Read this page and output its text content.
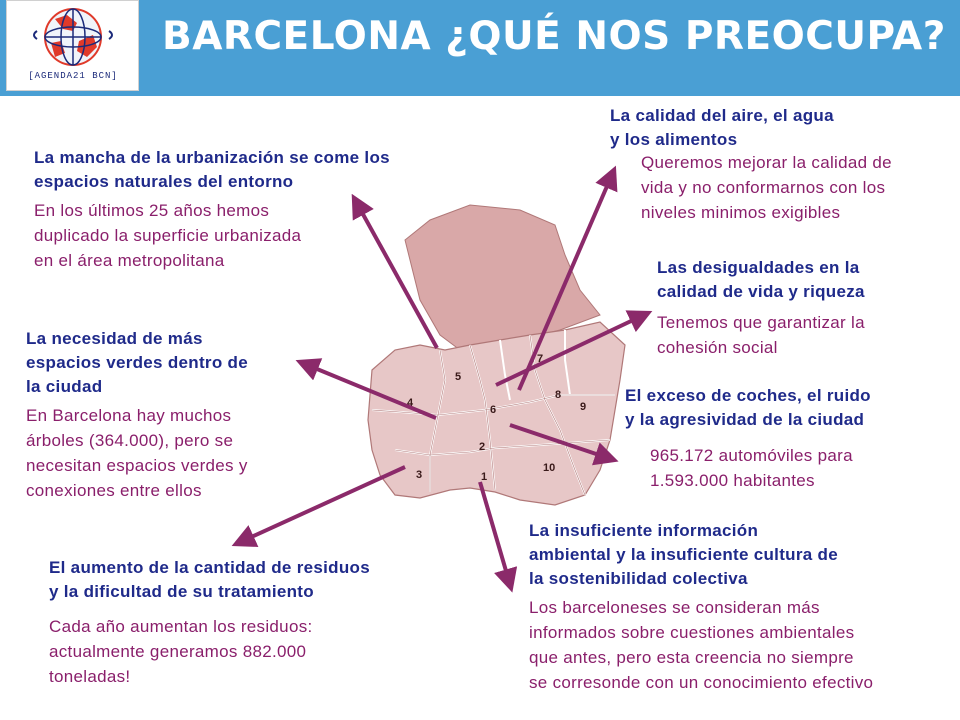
[AGENDA21 BCN]
BARCELONA ¿QUÉ NOS PREOCUPA?
1
2
3
4
5
6
7
8
9
10
La mancha de la urbanización se come los
espacios naturales del entorno
En los últimos 25 años hemos
duplicado la superficie urbanizada
en el área metropolitana
La calidad del aire, el agua
y los alimentos
Queremos mejorar la calidad de
vida y no conformarnos con los
niveles minimos exigibles
Las desigualdades en la
calidad de vida y riqueza
Tenemos que garantizar la
cohesión social
La necesidad de más
espacios verdes dentro de
la ciudad
En Barcelona hay muchos
árboles (364.000), pero se
necesitan espacios verdes y
conexiones entre ellos
El exceso de coches, el ruido
y la agresividad de la ciudad
965.172 automóviles para
1.593.000 habitantes
La insuficiente información
ambiental y la insuficiente cultura de
la sostenibilidad colectiva
Los barceloneses se consideran más
informados sobre cuestiones ambientales
que antes, pero esta creencia no siempre
se corresonde con un conocimiento efectivo
El aumento de la cantidad de residuos
y la dificultad de su tratamiento
Cada año aumentan los residuos:
actualmente generamos 882.000
toneladas!
